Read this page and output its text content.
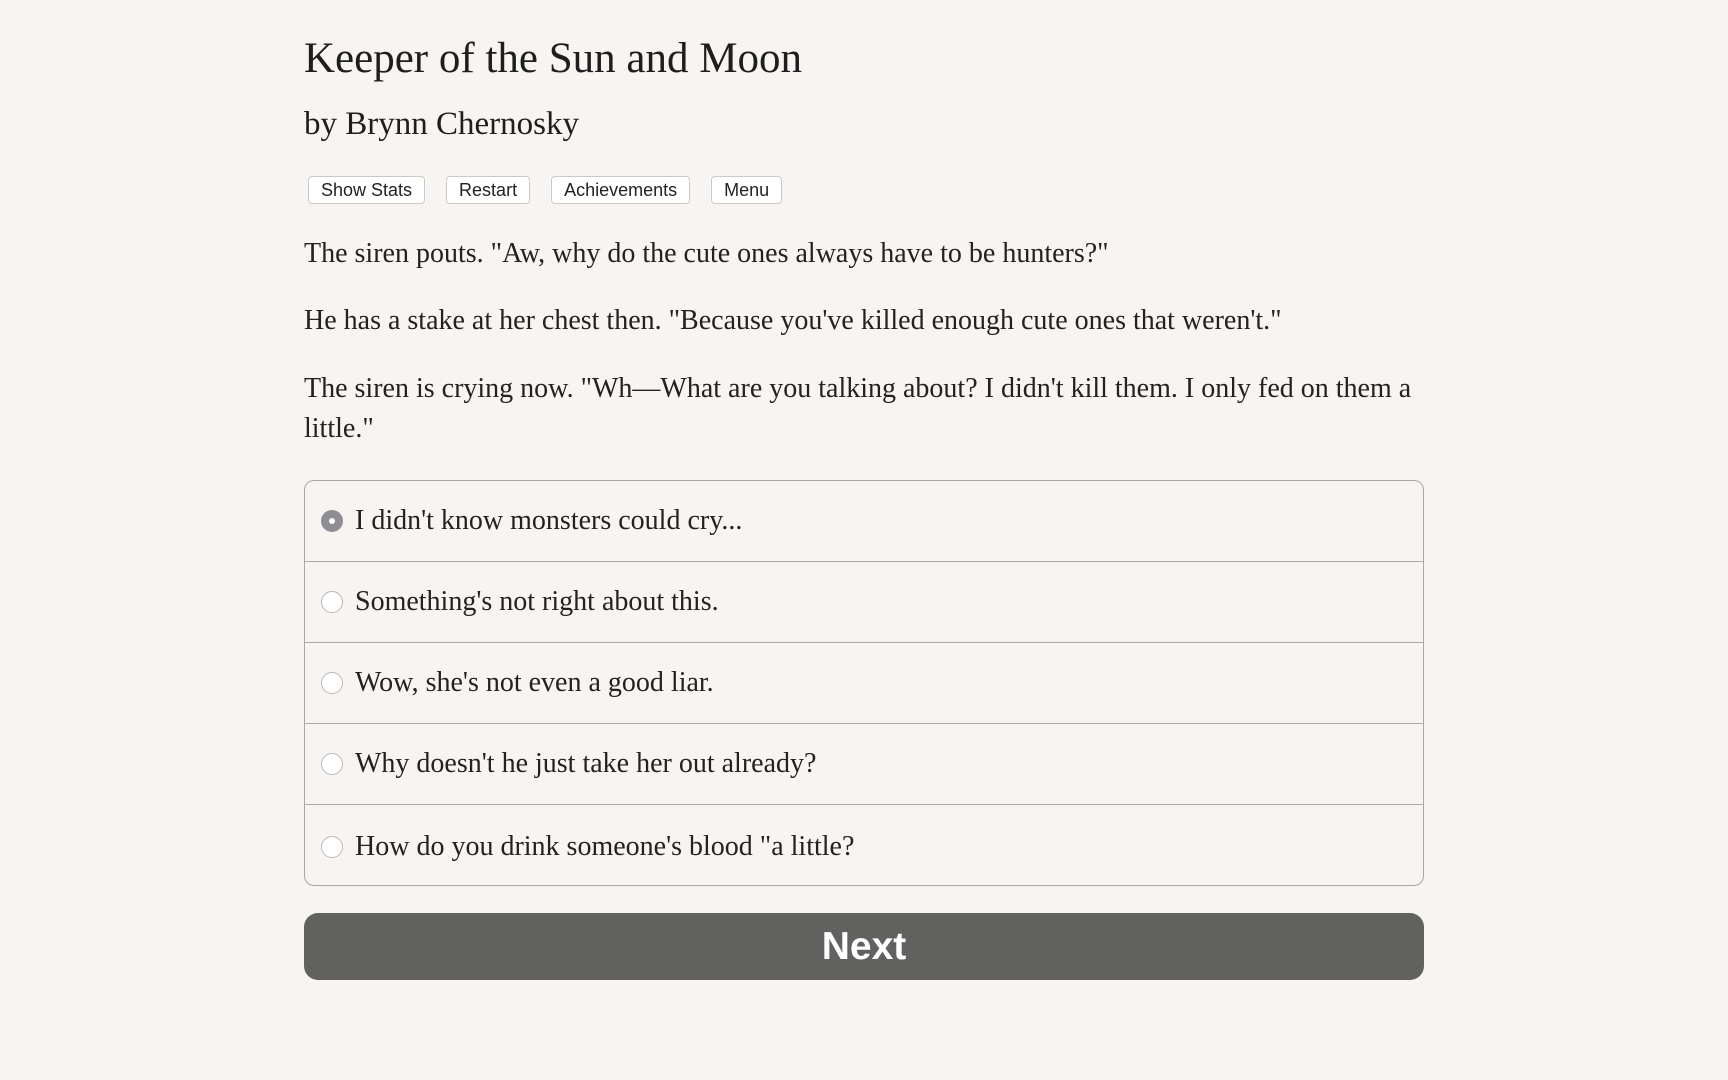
Keeper of the Sun and Moon
by Brynn Chernosky
Show Stats	Restart	Achievements	Menu

The siren pouts. "Aw, why do the cute ones always have to be hunters?"

He has a stake at her chest then. "Because you've killed enough cute ones that weren't."

The siren is crying now. "Wh—What are you talking about? I didn't kill them. I only fed on them a little."

I didn't know monsters could cry...
Something's not right about this.
Wow, she's not even a good liar.
Why doesn't he just take her out already?
How do you drink someone's blood "a little?
Next
